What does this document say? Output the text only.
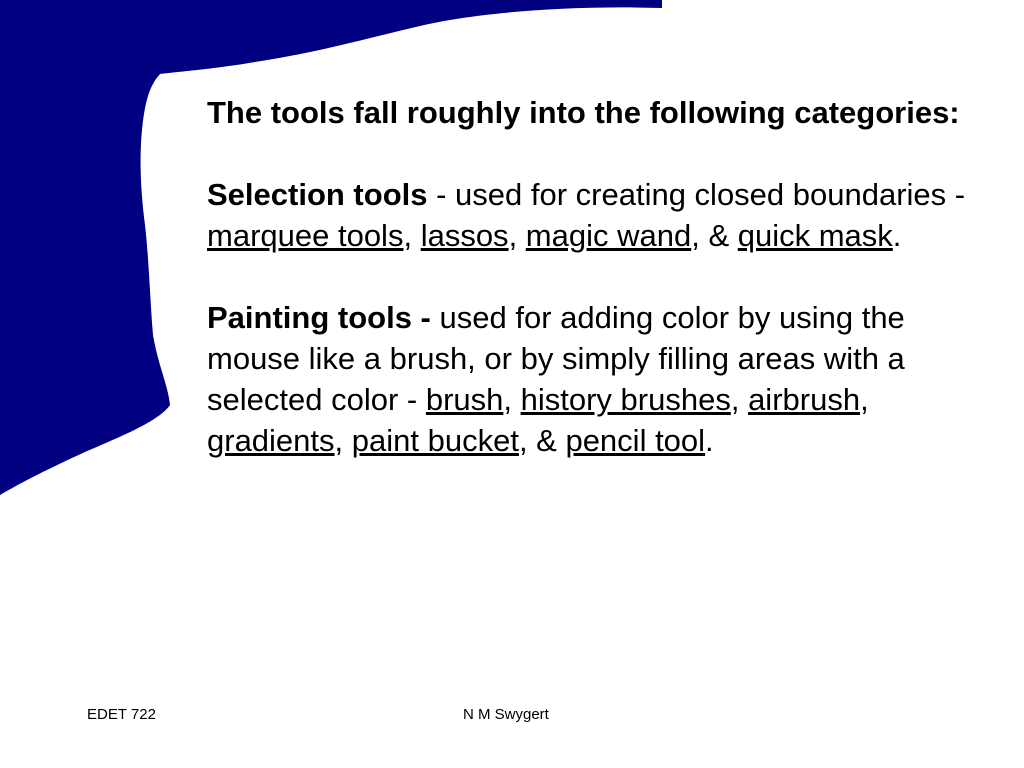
The tools fall roughly into the following categories:

Selection tools - used for creating closed boundaries - marquee tools, lassos, magic wand, & quick mask.

Painting tools - used for adding color by using the mouse like a brush, or by simply filling areas with a selected color - brush, history brushes, airbrush, gradients, paint bucket, & pencil tool.

EDET 722	N M Swygert
